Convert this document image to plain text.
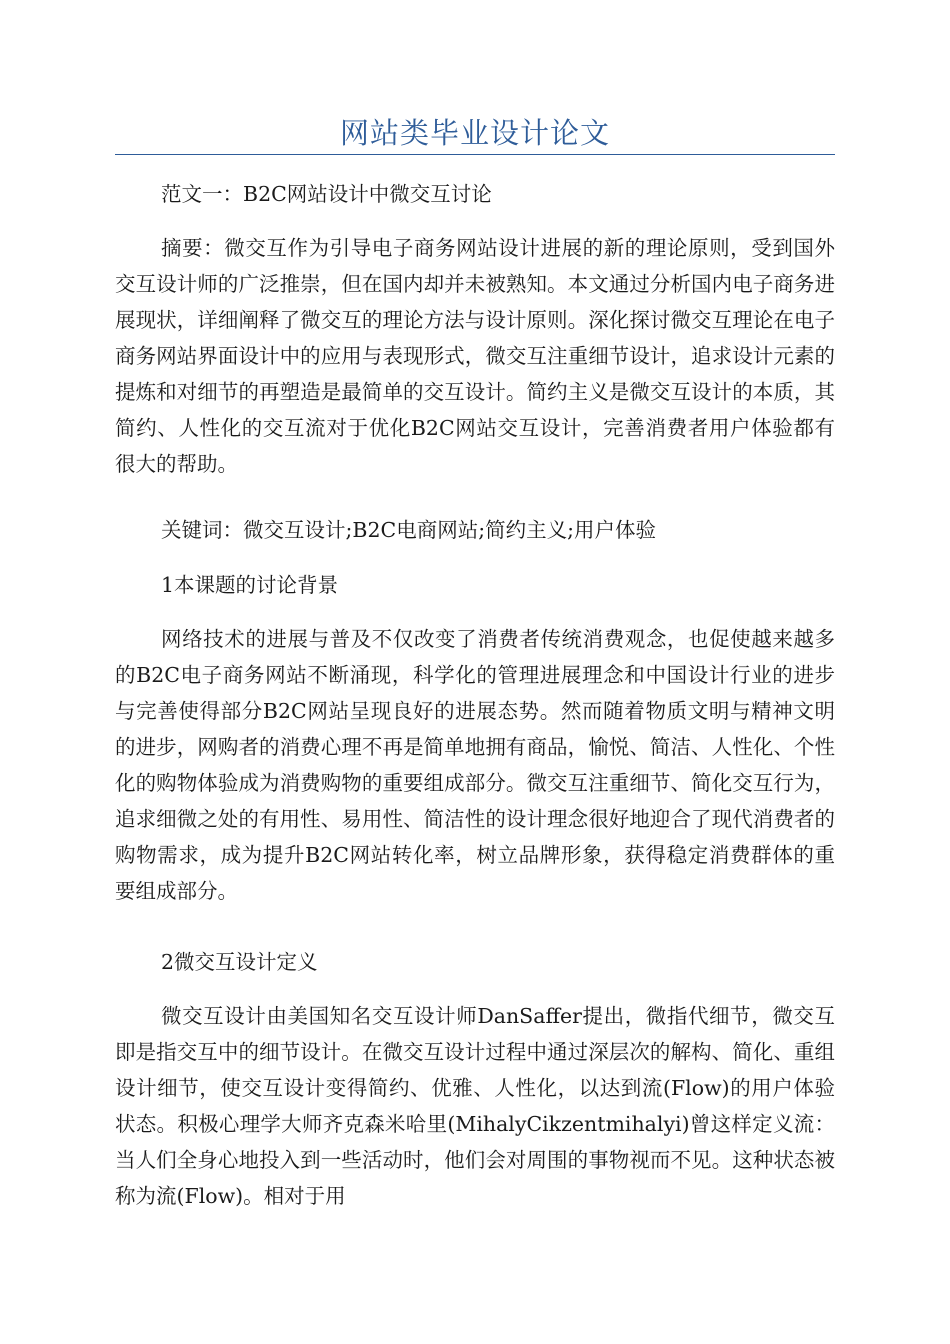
网站类毕业设计论文

范文一：B2C网站设计中微交互讨论

摘要：微交互作为引导电子商务网站设计进展的新的理论原则，受到国外交互设计师的广泛推崇，但在国内却并未被熟知。本文通过分析国内电子商务进展现状，详细阐释了微交互的理论方法与设计原则。深化探讨微交互理论在电子商务网站界面设计中的应用与表现形式，微交互注重细节设计，追求设计元素的提炼和对细节的再塑造是最简单的交互设计。简约主义是微交互设计的本质，其简约、人性化的交互流对于优化B2C网站交互设计，完善消费者用户体验都有很大的帮助。

关键词：微交互设计;B2C电商网站;简约主义;用户体验

1本课题的讨论背景

网络技术的进展与普及不仅改变了消费者传统消费观念，也促使越来越多的B2C电子商务网站不断涌现，科学化的管理进展理念和中国设计行业的进步与完善使得部分B2C网站呈现良好的进展态势。然而随着物质文明与精神文明的进步，网购者的消费心理不再是简单地拥有商品，愉悦、简洁、人性化、个性化的购物体验成为消费购物的重要组成部分。微交互注重细节、简化交互行为，追求细微之处的有用性、易用性、简洁性的设计理念很好地迎合了现代消费者的购物需求，成为提升B2C网站转化率，树立品牌形象，获得稳定消费群体的重要组成部分。

2微交互设计定义

微交互设计由美国知名交互设计师DanSaffer提出，微指代细节，微交互即是指交互中的细节设计。在微交互设计过程中通过深层次的解构、简化、重组设计细节，使交互设计变得简约、优雅、人性化，以达到流(Flow)的用户体验状态。积极心理学大师齐克森米哈里(MihalyCikzentmihalyi)曾这样定义流：当人们全身心地投入到一些活动时，他们会对周围的事物视而不见。这种状态被称为流(Flow)。相对于用
